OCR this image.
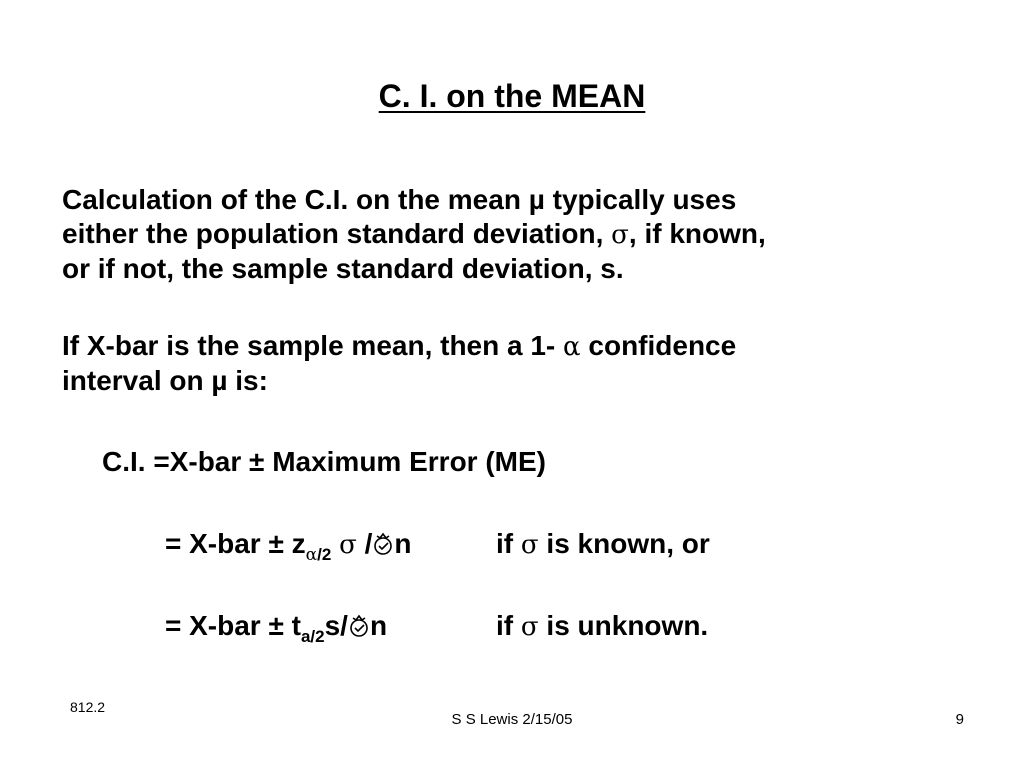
C. I. on the MEAN
Calculation of the C.I. on the mean µ typically uses
either the population standard deviation, σ, if known,
or if not, the sample standard deviation, s.
If X-bar is the sample mean, then a 1- α confidence
interval on µ is:
C.I. =X-bar ± Maximum Error (ME)
= $X-bar \pm z_{\alpha/2}$ σ / n	if σ is known, or
= $X-bar \pm t_{a/2}s/$ n	if σ is unknown.
812.2
S S Lewis 2/15/05	9
